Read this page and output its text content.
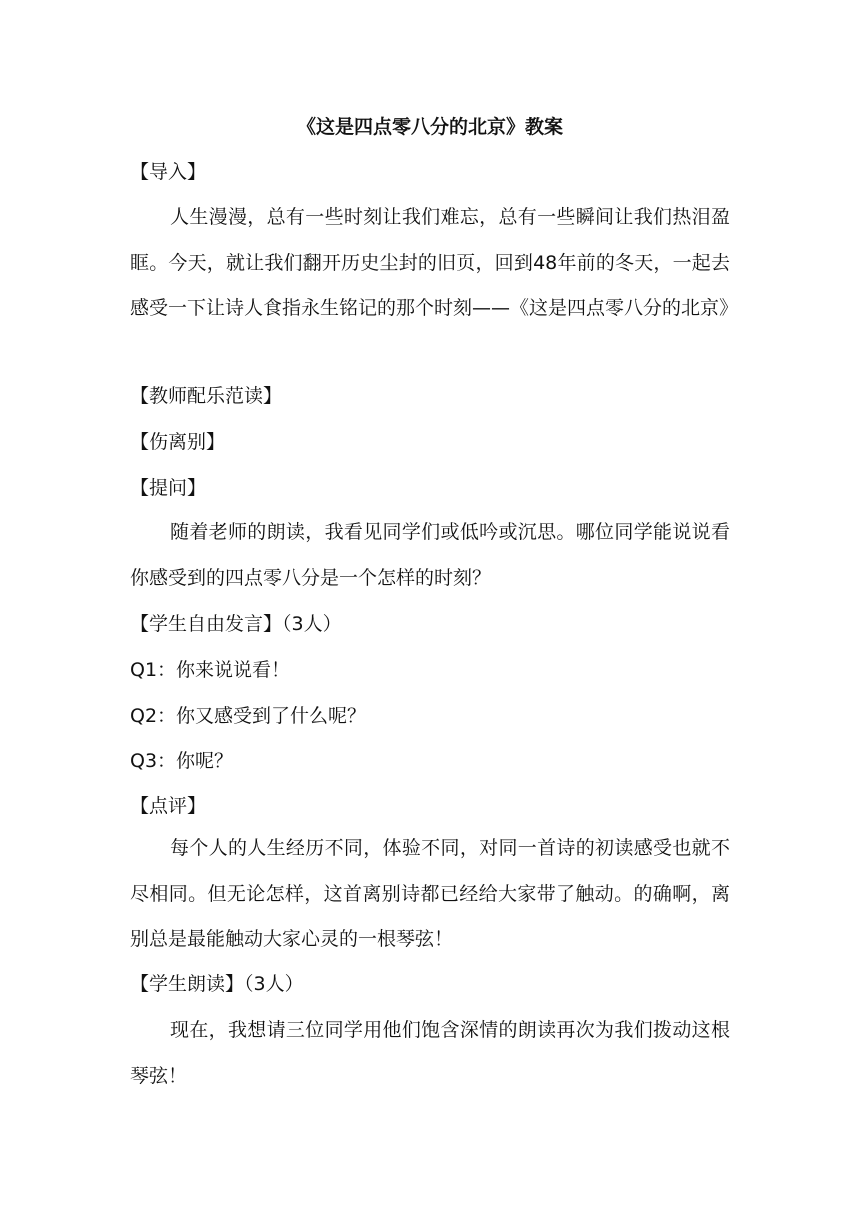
《这是四点零八分的北京》教案
【导入】
人生漫漫，总有一些时刻让我们难忘，总有一些瞬间让我们热泪盈眶。今天，就让我们翻开历史尘封的旧页，回到48年前的冬天，一起去感受一下让诗人食指永生铭记的那个时刻——《这是四点零八分的北京》
【教师配乐范读】
【伤离别】
【提问】
随着老师的朗读，我看见同学们或低吟或沉思。哪位同学能说说看你感受到的四点零八分是一个怎样的时刻？
【学生自由发言】（3人）
Q1：你来说说看！
Q2：你又感受到了什么呢？
Q3：你呢？
【点评】
每个人的人生经历不同，体验不同，对同一首诗的初读感受也就不尽相同。但无论怎样，这首离别诗都已经给大家带了触动。的确啊，离别总是最能触动大家心灵的一根琴弦！
【学生朗读】（3人）
现在，我想请三位同学用他们饱含深情的朗读再次为我们拨动这根琴弦！
